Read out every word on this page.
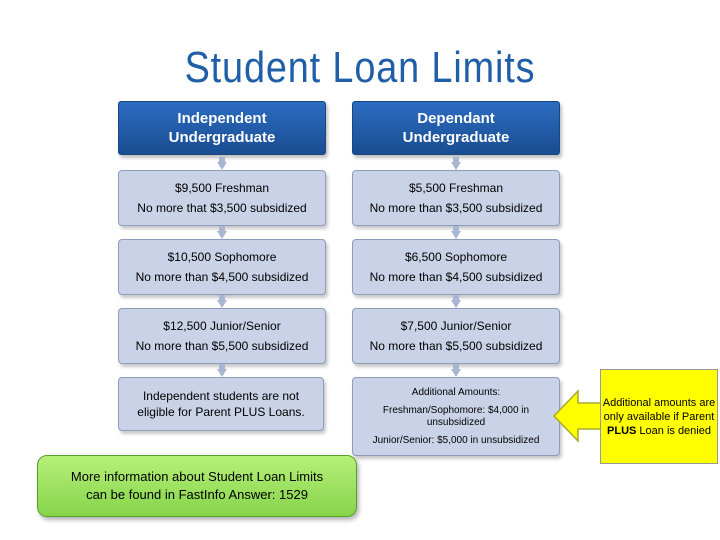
Student Loan Limits
Independent
Undergraduate
$9,500 Freshman
No more that $3,500 subsidized
$10,500 Sophomore
No more than $4,500 subsidized
$12,500 Junior/Senior
No more than $5,500 subsidized
Independent students are not eligible for Parent PLUS Loans.
Dependant
Undergraduate
$5,500 Freshman
No more than $3,500 subsidized
$6,500 Sophomore
No more than $4,500 subsidized
$7,500 Junior/Senior
No more than $5,500 subsidized
Additional Amounts:
Freshman/Sophomore: $4,000 in unsubsidized
Junior/Senior: $5,000 in unsubsidized
Additional amounts are only available if Parent PLUS Loan is denied
More information about Student Loan Limits
can be found in FastInfo Answer: 1529
